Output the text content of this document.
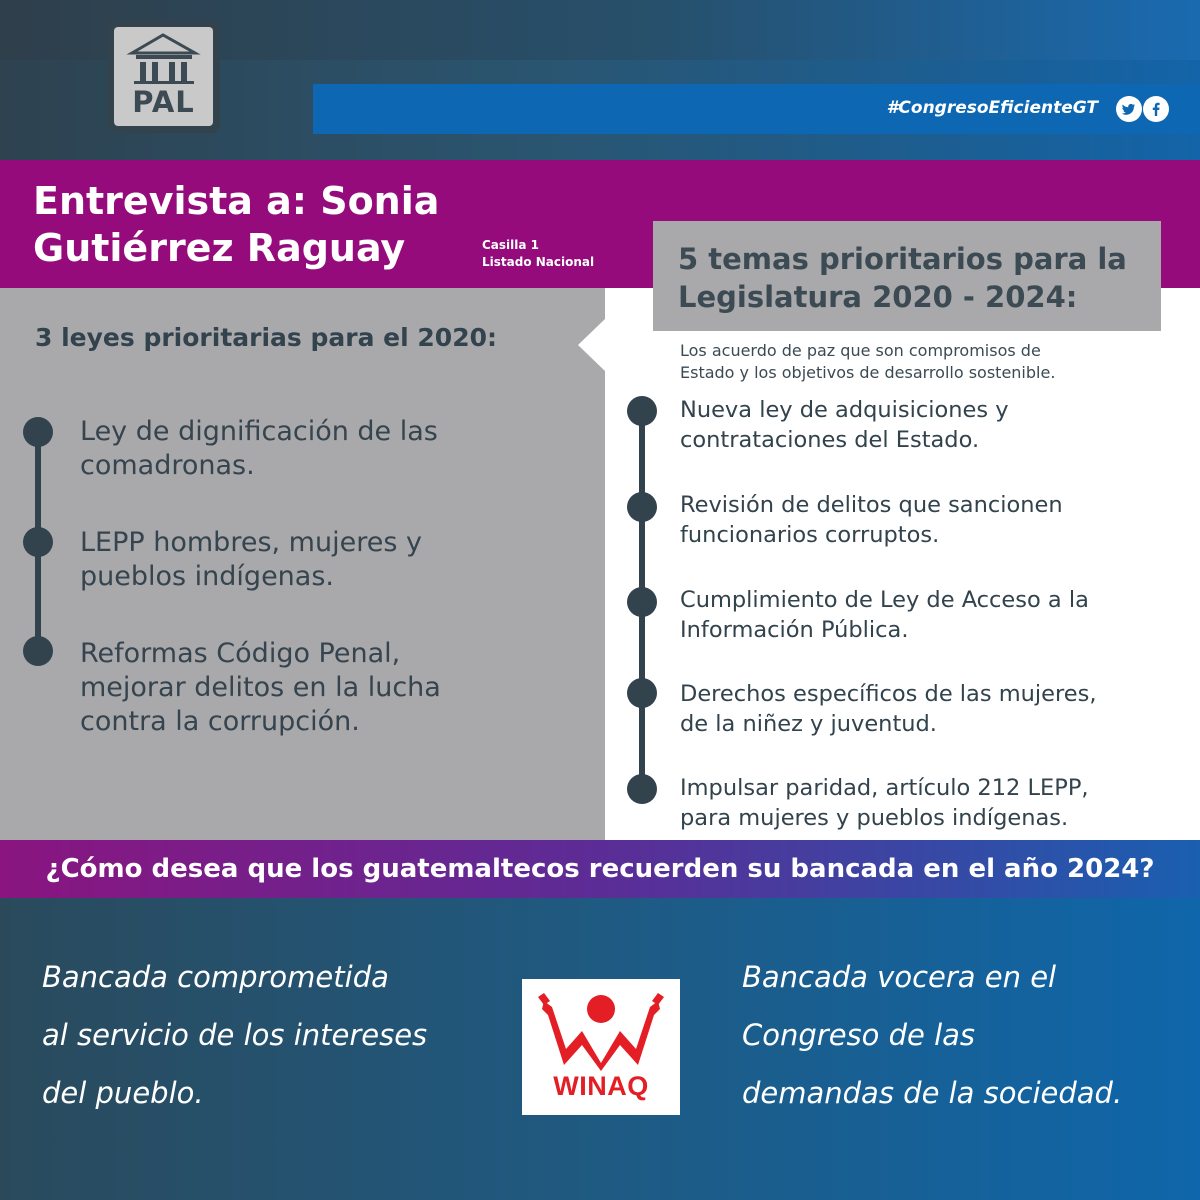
PAL	#CongresoEficienteGT
Entrevista a: Sonia
Gutiérrez Raguay	Casilla 1
Listado Nacional
3 leyes prioritarias para el 2020:
5 temas prioritarios para la
Legislatura 2020 - 2024:
Los acuerdo de paz que son compromisos de
Estado y los objetivos de desarrollo sostenible.
Ley de dignificación de las
comadronas.
LEPP hombres, mujeres y
pueblos indígenas.
Reformas Código Penal,
mejorar delitos en la lucha
contra la corrupción.
Nueva ley de adquisiciones y
contrataciones del Estado.
Revisión de delitos que sancionen
funcionarios corruptos.
Cumplimiento de Ley de Acceso a la
Información Pública.
Derechos específicos de las mujeres,
de la niñez y juventud.
Impulsar paridad, artículo 212 LEPP,
para mujeres y pueblos indígenas.
¿Cómo desea que los guatemaltecos recuerden su bancada en el año 2024?
Bancada comprometida
al servicio de los intereses
del pueblo.
Bancada vocera en el
Congreso de las
demandas de la sociedad.
WINAQ
